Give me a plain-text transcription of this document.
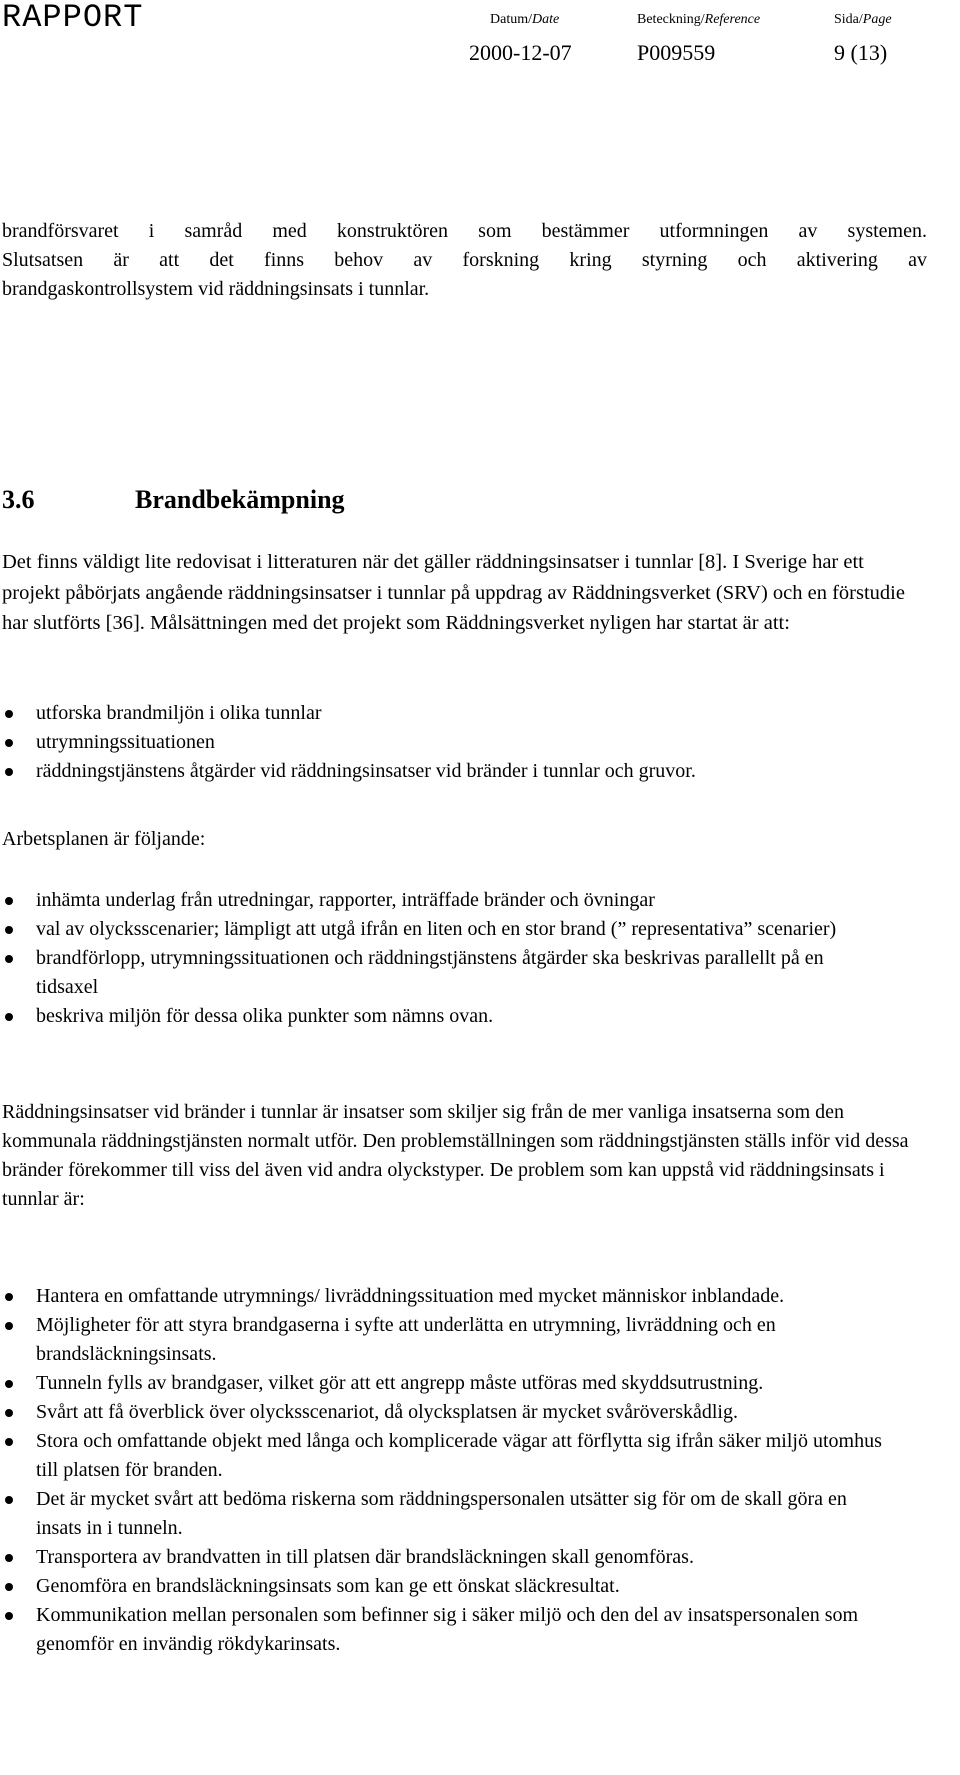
RAPPORT	Datum/Date	Beteckning/Reference	Sida/Page
2000-12-07	P009559	9 (13)

brandförsvaret i samråd med konstruktören som bestämmer utformningen av systemen.
Slutsatsen är att det finns behov av forskning kring styrning och aktivering av
brandgaskontrollsystem vid räddningsinsats i tunnlar.

3.6	Brandbekämpning

Det finns väldigt lite redovisat i litteraturen när det gäller räddningsinsatser i tunnlar [8]. I Sverige har ett projekt påbörjats angående räddningsinsatser i tunnlar på uppdrag av Räddningsverket (SRV) och en förstudie har slutförts [36]. Målsättningen med det projekt som Räddningsverket nyligen har startat är att:

utforska brandmiljön i olika tunnlar
utrymningssituationen
räddningstjänstens åtgärder vid räddningsinsatser vid bränder i tunnlar och gruvor.

Arbetsplanen är följande:

inhämta underlag från utredningar, rapporter, inträffade bränder och övningar
val av olycksscenarier; lämpligt att utgå ifrån en liten och en stor brand (” representativa” scenarier)
brandförlopp, utrymningssituationen och räddningstjänstens åtgärder ska beskrivas parallellt på en tidsaxel
beskriva miljön för dessa olika punkter som nämns ovan.

Räddningsinsatser vid bränder i tunnlar är insatser som skiljer sig från de mer vanliga insatserna som den kommunala räddningstjänsten normalt utför. Den problemställningen som räddningstjänsten ställs inför vid dessa bränder förekommer till viss del även vid andra olyckstyper. De problem som kan uppstå vid räddningsinsats i tunnlar är:

Hantera en omfattande utrymnings/ livräddningssituation med mycket människor inblandade.
Möjligheter för att styra brandgaserna i syfte att underlätta en utrymning, livräddning och en brandsläckningsinsats.
Tunneln fylls av brandgaser, vilket gör att ett angrepp måste utföras med skyddsutrustning.
Svårt att få överblick över olycksscenariot, då olycksplatsen är mycket svåröverskådlig.
Stora och omfattande objekt med långa och komplicerade vägar att förflytta sig ifrån säker miljö utomhus till platsen för branden.
Det är mycket svårt att bedöma riskerna som räddningspersonalen utsätter sig för om de skall göra en insats in i tunneln.
Transportera av brandvatten in till platsen där brandsläckningen skall genomföras.
Genomföra en brandsläckningsinsats som kan ge ett önskat släckresultat.
Kommunikation mellan personalen som befinner sig i säker miljö och den del av insatspersonalen som genomför en invändig rökdykarinsats.
